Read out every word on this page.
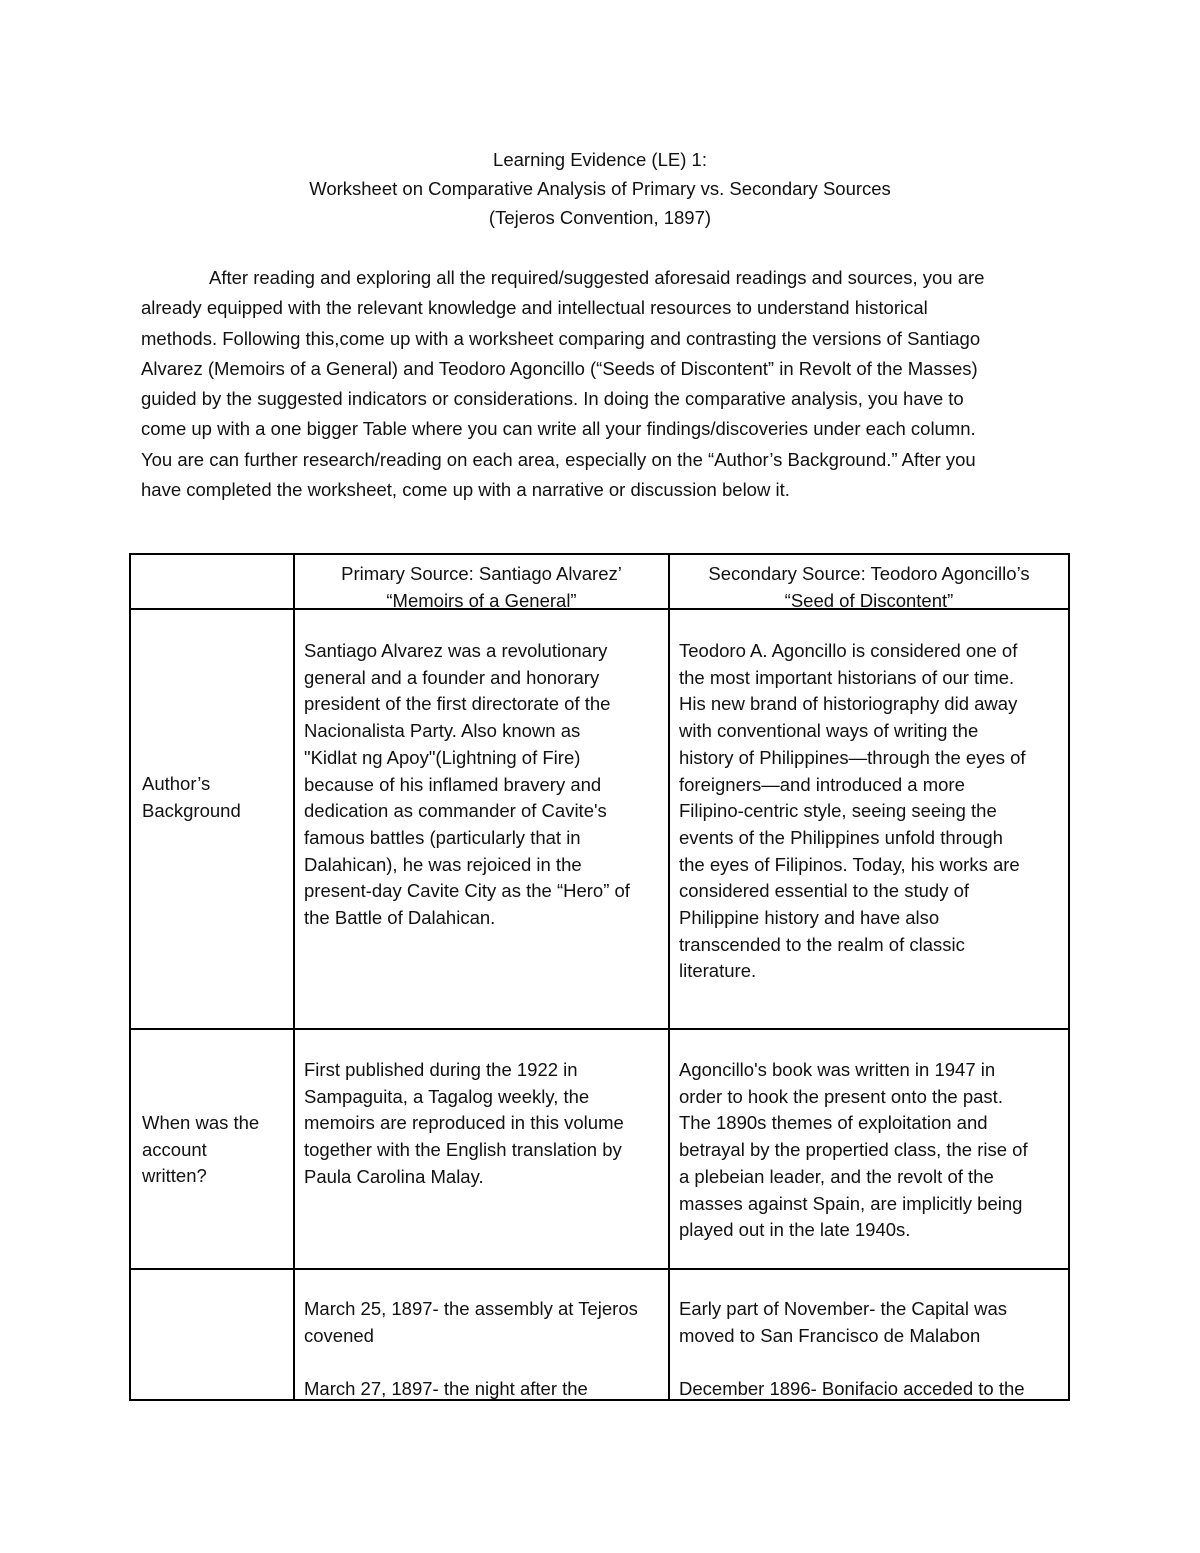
Learning Evidence (LE) 1:
Worksheet on Comparative Analysis of Primary vs. Secondary Sources
(Tejeros Convention, 1897)
After reading and exploring all the required/suggested aforesaid readings and sources, you are
already equipped with the relevant knowledge and intellectual resources to understand historical
methods. Following this,come up with a worksheet comparing and contrasting the versions of Santiago
Alvarez (Memoirs of a General) and Teodoro Agoncillo (“Seeds of Discontent” in Revolt of the Masses)
guided by the suggested indicators or considerations. In doing the comparative analysis, you have to
come up with a one bigger Table where you can write all your findings/discoveries under each column.
You are can further research/reading on each area, especially on the “Author’s Background.” After you
have completed the worksheet, come up with a narrative or discussion below it.
Primary Source: Santiago Alvarez’
“Memoirs of a General”
Secondary Source: Teodoro Agoncillo’s
“Seed of Discontent”
Author’s
Background
Santiago Alvarez was a revolutionary
general and a founder and honorary
president of the first directorate of the
Nacionalista Party. Also known as
"Kidlat ng Apoy"(Lightning of Fire)
because of his inflamed bravery and
dedication as commander of Cavite's
famous battles (particularly that in
Dalahican), he was rejoiced in the
present-day Cavite City as the “Hero” of
the Battle of Dalahican.
Teodoro A. Agoncillo is considered one of
the most important historians of our time.
His new brand of historiography did away
with conventional ways of writing the
history of Philippines—through the eyes of
foreigners—and introduced a more
Filipino-centric style, seeing seeing the
events of the Philippines unfold through
the eyes of Filipinos. Today, his works are
considered essential to the study of
Philippine history and have also
transcended to the realm of classic
literature.
When was the
account
written?
First published during the 1922 in
Sampaguita, a Tagalog weekly, the
memoirs are reproduced in this volume
together with the English translation by
Paula Carolina Malay.
Agoncillo's book was written in 1947 in
order to hook the present onto the past.
The 1890s themes of exploitation and
betrayal by the propertied class, the rise of
a plebeian leader, and the revolt of the
masses against Spain, are implicitly being
played out in the late 1940s.
March 25, 1897- the assembly at Tejeros
covened
March 27, 1897- the night after the
Early part of November- the Capital was
moved to San Francisco de Malabon
December 1896- Bonifacio acceded to the
